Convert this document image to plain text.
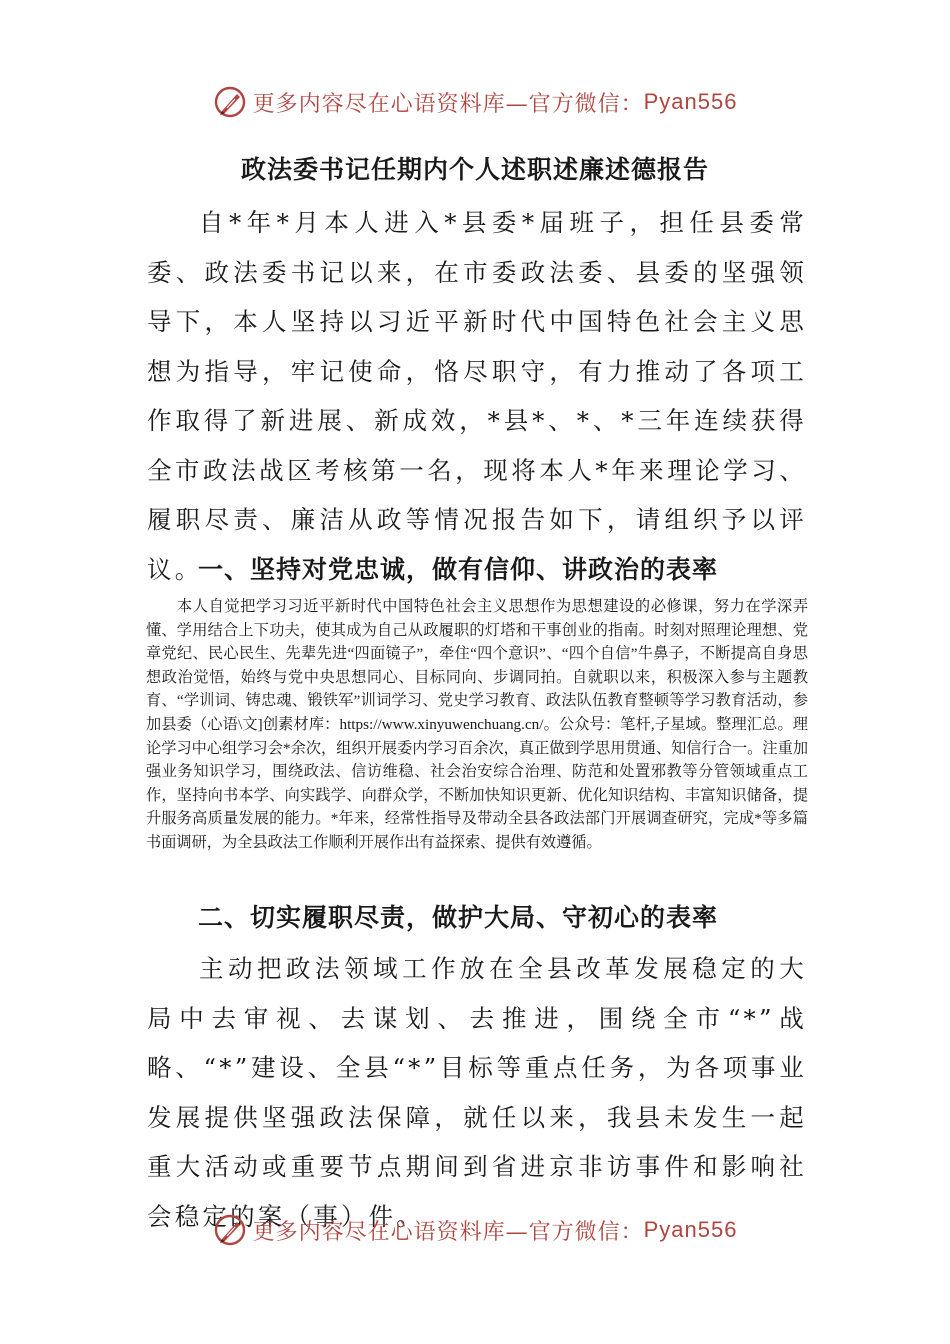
更多内容尽在心语资料库—官方微信： Pyan556
政法委书记任期内个人述职述廉述德报告

自*年*月本人进入*县委*届班子，担任县委常委、政法委书记以来，在市委政法委、县委的坚强领导下，本人坚持以习近平新时代中国特色社会主义思想为指导，牢记使命，恪尽职守，有力推动了各项工作取得了新进展、新成效，*县*、*、*三年连续获得全市政法战区考核第一名，现将本人*年来理论学习、履职尽责、廉洁从政等情况报告如下，请组织予以评议。

一、坚持对党忠诚，做有信仰、讲政治的表率

本人自觉把学习习近平新时代中国特色社会主义思想作为思想建设的必修课，努力在学深弄懂、学用结合上下功夫，使其成为自己从政履职的灯塔和干事创业的指南。时刻对照理论理想、党章党纪、民心民生、先辈先进“四面镜子”，牵住“四个意识”、“四个自信”牛鼻子，不断提高自身思想政治觉悟，始终与党中央思想同心、目标同向、步调同拍。自就职以来，积极深入参与主题教育、“学训词、铸忠魂、锻铁军”训词学习、党史学习教育、政法队伍教育整顿等学习教育活动，参加县委（心语\文]创素材库：https://www.xinyuwenchuang.cn/。公众号：笔杆,子星域。整理汇总。理论学习中心组学习会*余次，组织开展委内学习百余次，真正做到学思用贯通、知信行合一。注重加强业务知识学习，围绕政法、信访维稳、社会治安综合治理、防范和处置邪教等分管领域重点工作，坚持向书本学、向实践学、向群众学，不断加快知识更新、优化知识结构、丰富知识储备，提升服务高质量发展的能力。*年来，经常性指导及带动全县各政法部门开展调查研究，完成*等多篇书面调研，为全县政法工作顺利开展作出有益探索、提供有效遵循。

二、切实履职尽责，做护大局、守初心的表率

主动把政法领域工作放在全县改革发展稳定的大局中去审视、去谋划、去推进，围绕全市“*”战略、“*”建设、全县“*”目标等重点任务，为各项事业发展提供坚强政法保障，就任以来，我县未发生一起重大活动或重要节点期间到省进京非访事件和影响社会稳定的案（事）件。

更多内容尽在心语资料库—官方微信： Pyan556
